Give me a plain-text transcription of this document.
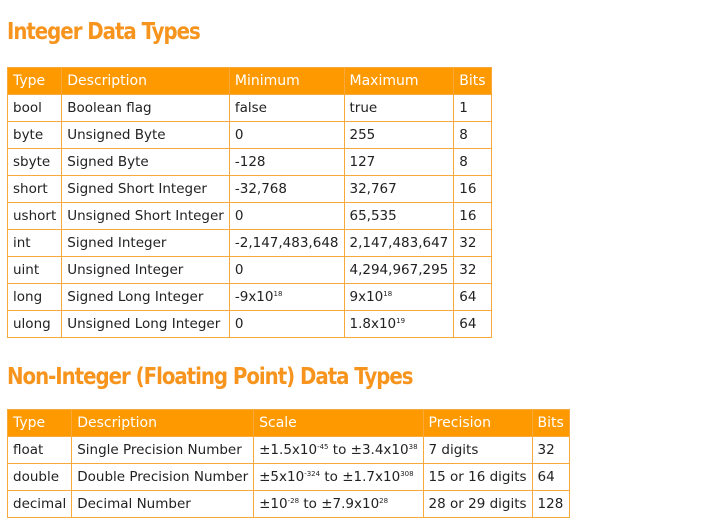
Integer Data Types
Type	Description	Minimum	Maximum	Bits
bool	Boolean flag	false	true	1
byte	Unsigned Byte	0	255	8
sbyte	Signed Byte	-128	127	8
short	Signed Short Integer	-32,768	32,767	16
ushort	Unsigned Short Integer	0	65,535	16
int	Signed Integer	-2,147,483,648	2,147,483,647	32
uint	Unsigned Integer	0	4,294,967,295	32
long	Signed Long Integer	$-9x10^{18}$	$9x10^{18}$	64
ulong	Unsigned Long Integer	0	$1.8x10^{19}$	64
Non-Integer (Floating Point) Data Types
Type	Description	Scale	Precision	Bits
float	Single Precision Number	$\pm 1.5x10^{-45}$ to $\pm 3.4x10^{38}$	7 digits	32
double	Double Precision Number	$\pm 5x10^{-324}$ to $\pm 1.7x10^{308}$	15 or 16 digits	64
decimal	Decimal Number	$\pm 10^{-28}$ to $\pm 7.9x10^{28}$	28 or 29 digits	128
